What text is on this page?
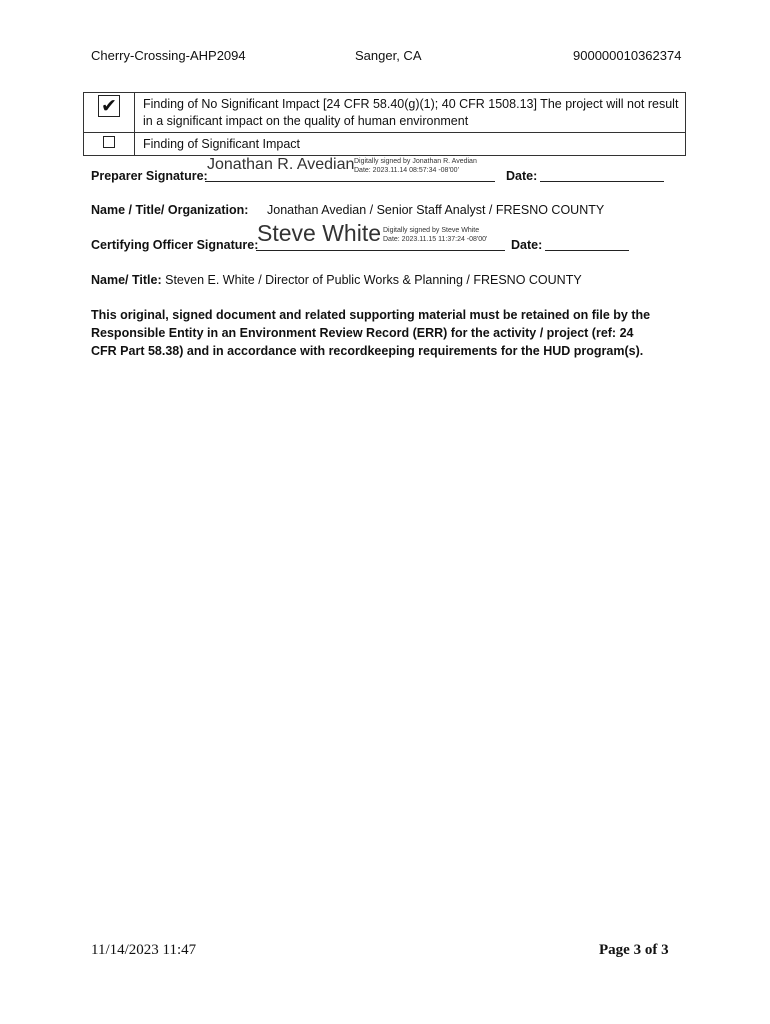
Cherry-Crossing-AHP2094	Sanger, CA	900000010362374
✔	Finding of No Significant Impact [24 CFR 58.40(g)(1); 40 CFR 1508.13] The project will not result in a significant impact on the quality of human environment
	Finding of Significant Impact
Preparer Signature:
Jonathan R. Avedian Digitally signed by Jonathan R. Avedian
Date: 2023.11.14 08:57:34 -08'00'	Date:
Name / Title/ Organization: Jonathan Avedian / Senior Staff Analyst / FRESNO COUNTY
Certifying Officer Signature:
Steve White Digitally signed by Steve White
Date: 2023.11.15 11:37:24 -08'00' Date:
Name/ Title: Steven E. White / Director of Public Works & Planning / FRESNO COUNTY
This original, signed document and related supporting material must be retained on file by the Responsible Entity in an Environment Review Record (ERR) for the activity / project (ref: 24 CFR Part 58.38) and in accordance with recordkeeping requirements for the HUD program(s).
11/14/2023 11:47	Page 3 of 3
